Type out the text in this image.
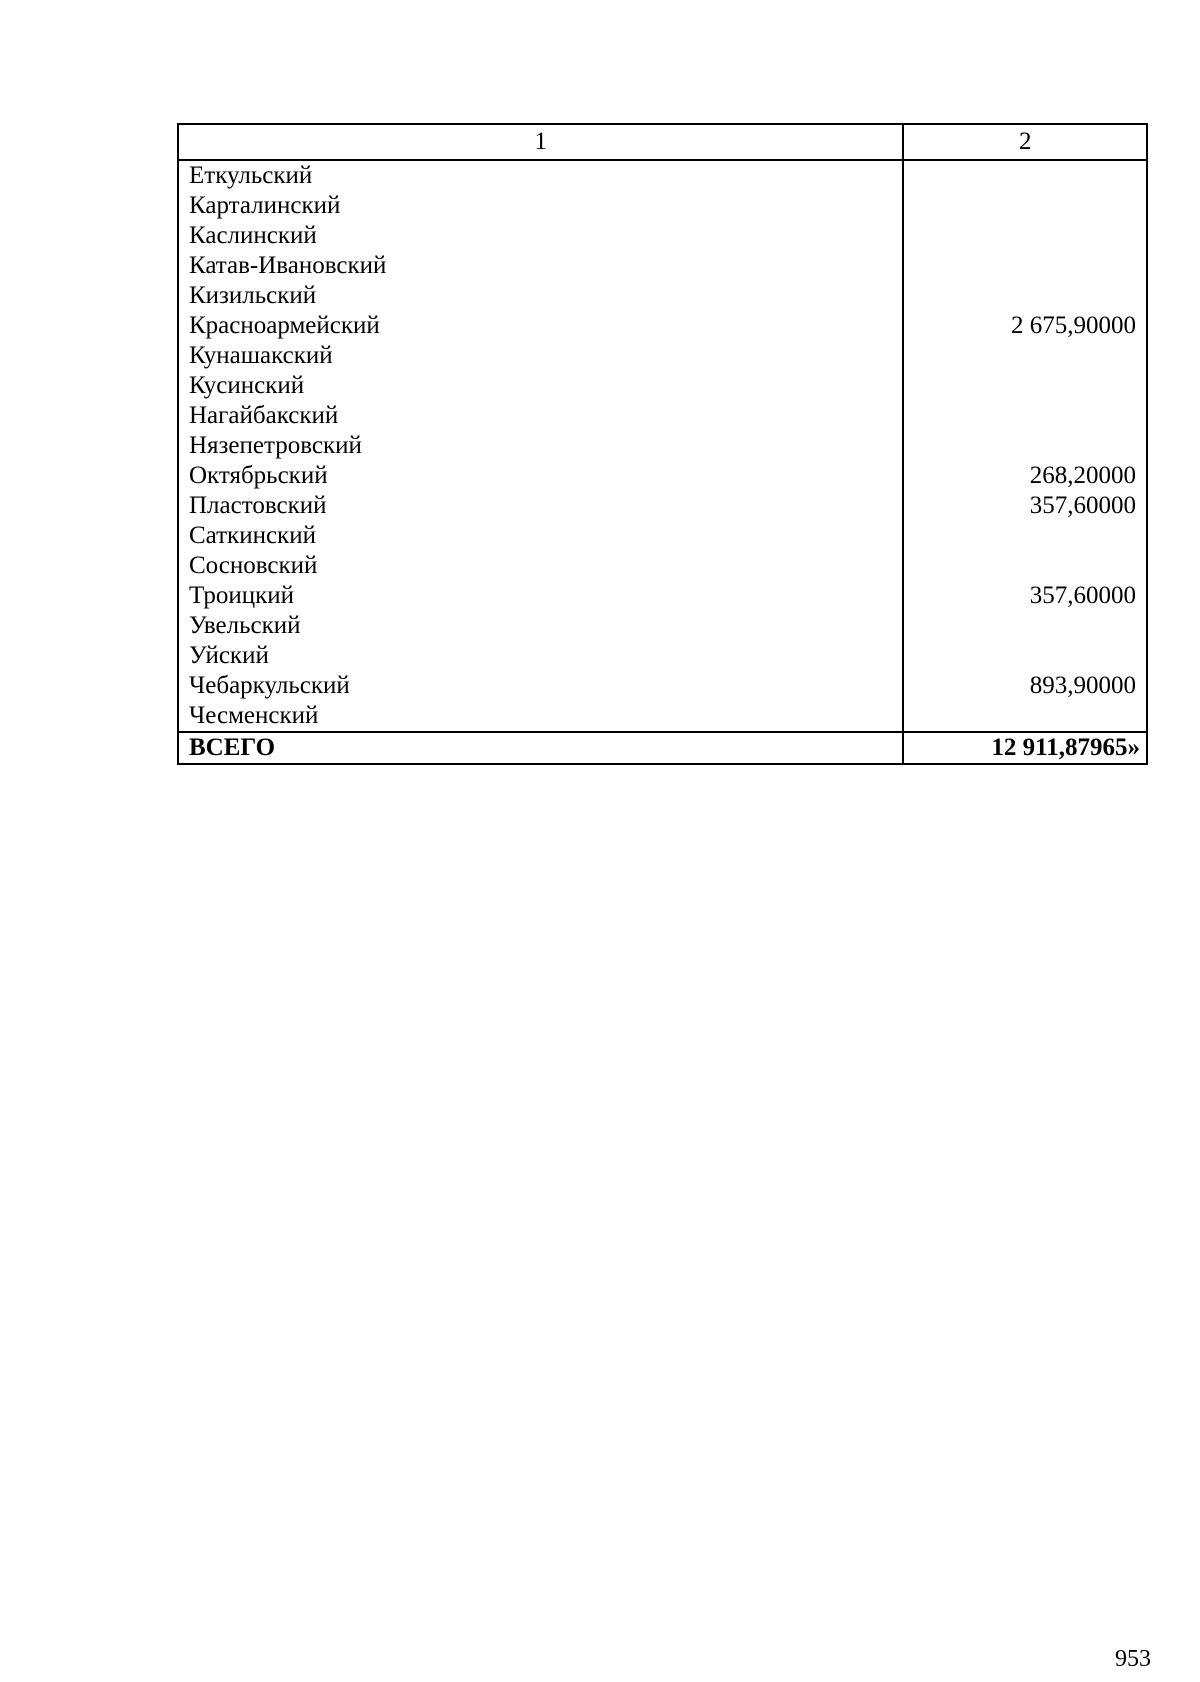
1	2
Еткульский	
Карталинский	
Каслинский	
Катав-Ивановский	
Кизильский	
Красноармейский	2 675,90000
Кунашакский	
Кусинский	
Нагайбакский	
Нязепетровский	
Октябрьский	268,20000
Пластовский	357,60000
Саткинский	
Сосновский	
Троицкий	357,60000
Увельский	
Уйский	
Чебаркульский	893,90000
Чесменский	
ВСЕГО	12 911,87965»
953
